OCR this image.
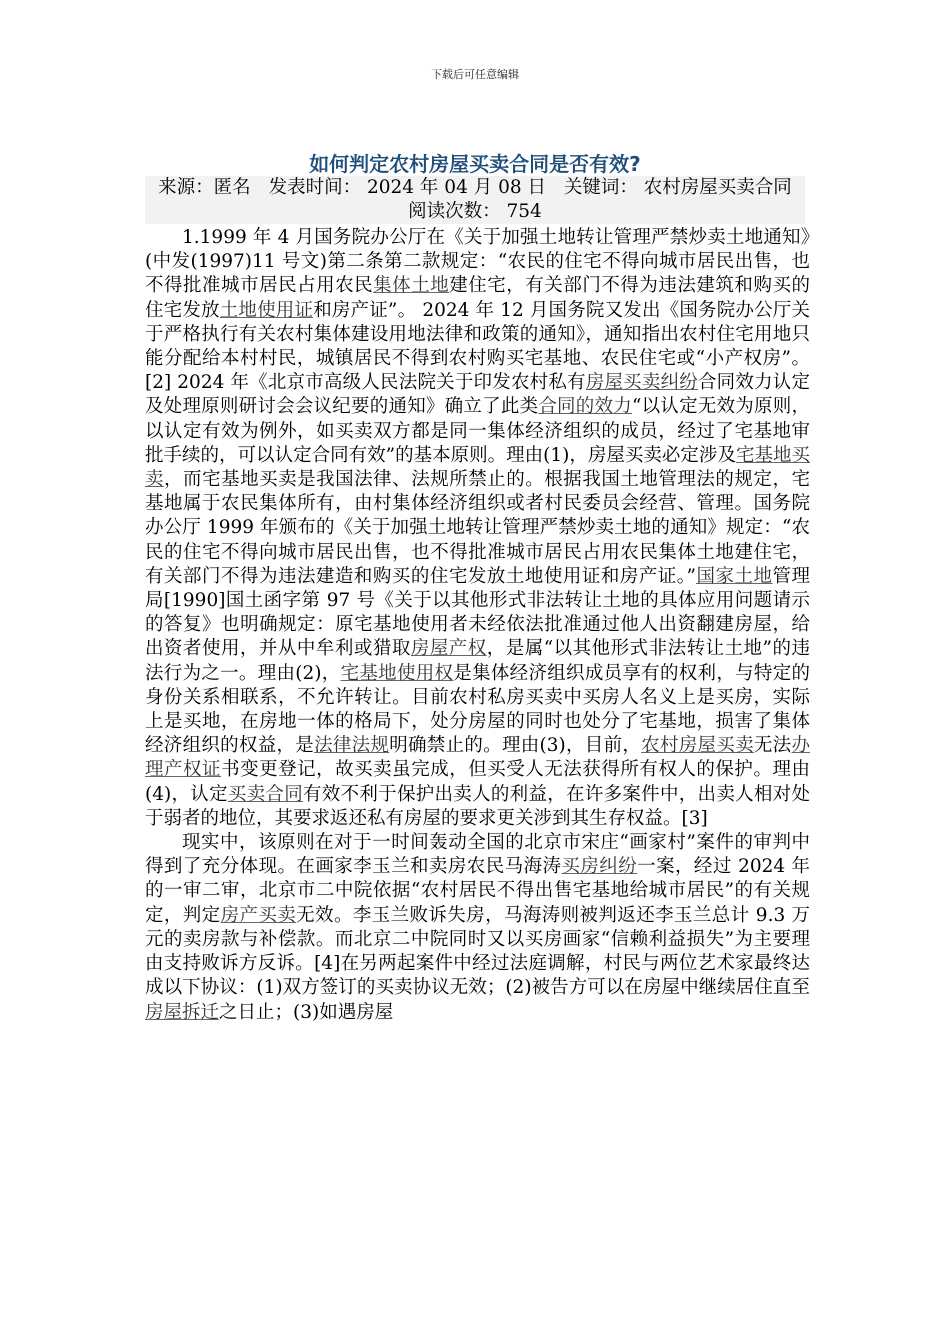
下载后可任意编辑
如何判定农村房屋买卖合同是否有效?
来源：匿名 发表时间： 2024 年 04 月 08 日 关键词： 农村房屋买卖合同 阅读次数： 754

1.1999 年 4 月国务院办公厅在《关于加强土地转让管理严禁炒卖土地通知》(中发(1997)11 号文)第二条第二款规定：“农民的住宅不得向城市居民出售，也不得批准城市居民占用农民集体土地建住宅，有关部门不得为违法建筑和购买的住宅发放土地使用证和房产证”。 2024 年 12 月国务院又发出《国务院办公厅关于严格执行有关农村集体建设用地法律和政策的通知》，通知指出农村住宅用地只能分配给本村村民，城镇居民不得到农村购买宅基地、农民住宅或“小产权房”。[2] 2024 年《北京市高级人民法院关于印发农村私有房屋买卖纠纷合同效力认定及处理原则研讨会会议纪要的通知》确立了此类合同的效力“以认定无效为原则，以认定有效为例外，如买卖双方都是同一集体经济组织的成员，经过了宅基地审批手续的，可以认定合同有效”的基本原则。理由(1)，房屋买卖必定涉及宅基地买卖，而宅基地买卖是我国法律、法规所禁止的。根据我国土地管理法的规定，宅基地属于农民集体所有，由村集体经济组织或者村民委员会经营、管理。国务院办公厅 1999 年颁布的《关于加强土地转让管理严禁炒卖土地的通知》规定：“农民的住宅不得向城市居民出售，也不得批准城市居民占用农民集体土地建住宅，有关部门不得为违法建造和购买的住宅发放土地使用证和房产证。”国家土地管理局[1990]国土函字第 97 号《关于以其他形式非法转让土地的具体应用问题请示的答复》也明确规定：原宅基地使用者未经依法批准通过他人出资翻建房屋，给出资者使用，并从中牟利或猎取房屋产权，是属“以其他形式非法转让土地”的违法行为之一。理由(2)，宅基地使用权是集体经济组织成员享有的权利，与特定的身份关系相联系，不允许转让。目前农村私房买卖中买房人名义上是买房，实际上是买地，在房地一体的格局下，处分房屋的同时也处分了宅基地，损害了集体经济组织的权益，是法律法规明确禁止的。理由(3)，目前，农村房屋买卖无法办理产权证书变更登记，故买卖虽完成，但买受人无法获得所有权人的保护。理由(4)，认定买卖合同有效不利于保护出卖人的利益，在许多案件中，出卖人相对处于弱者的地位，其要求返还私有房屋的要求更关涉到其生存权益。[3]

现实中，该原则在对于一时间轰动全国的北京市宋庄“画家村”案件的审判中得到了充分体现。在画家李玉兰和卖房农民马海涛买房纠纷一案，经过 2024 年的一审二审，北京市二中院依据“农村居民不得出售宅基地给城市居民”的有关规定，判定房产买卖无效。李玉兰败诉失房，马海涛则被判返还李玉兰总计 9.3 万元的卖房款与补偿款。而北京二中院同时又以买房画家“信赖利益损失”为主要理由支持败诉方反诉。[4]在另两起案件中经过法庭调解，村民与两位艺术家最终达成以下协议：(1)双方签订的买卖协议无效；(2)被告方可以在房屋中继续居住直至房屋拆迁之日止；(3)如遇房屋
